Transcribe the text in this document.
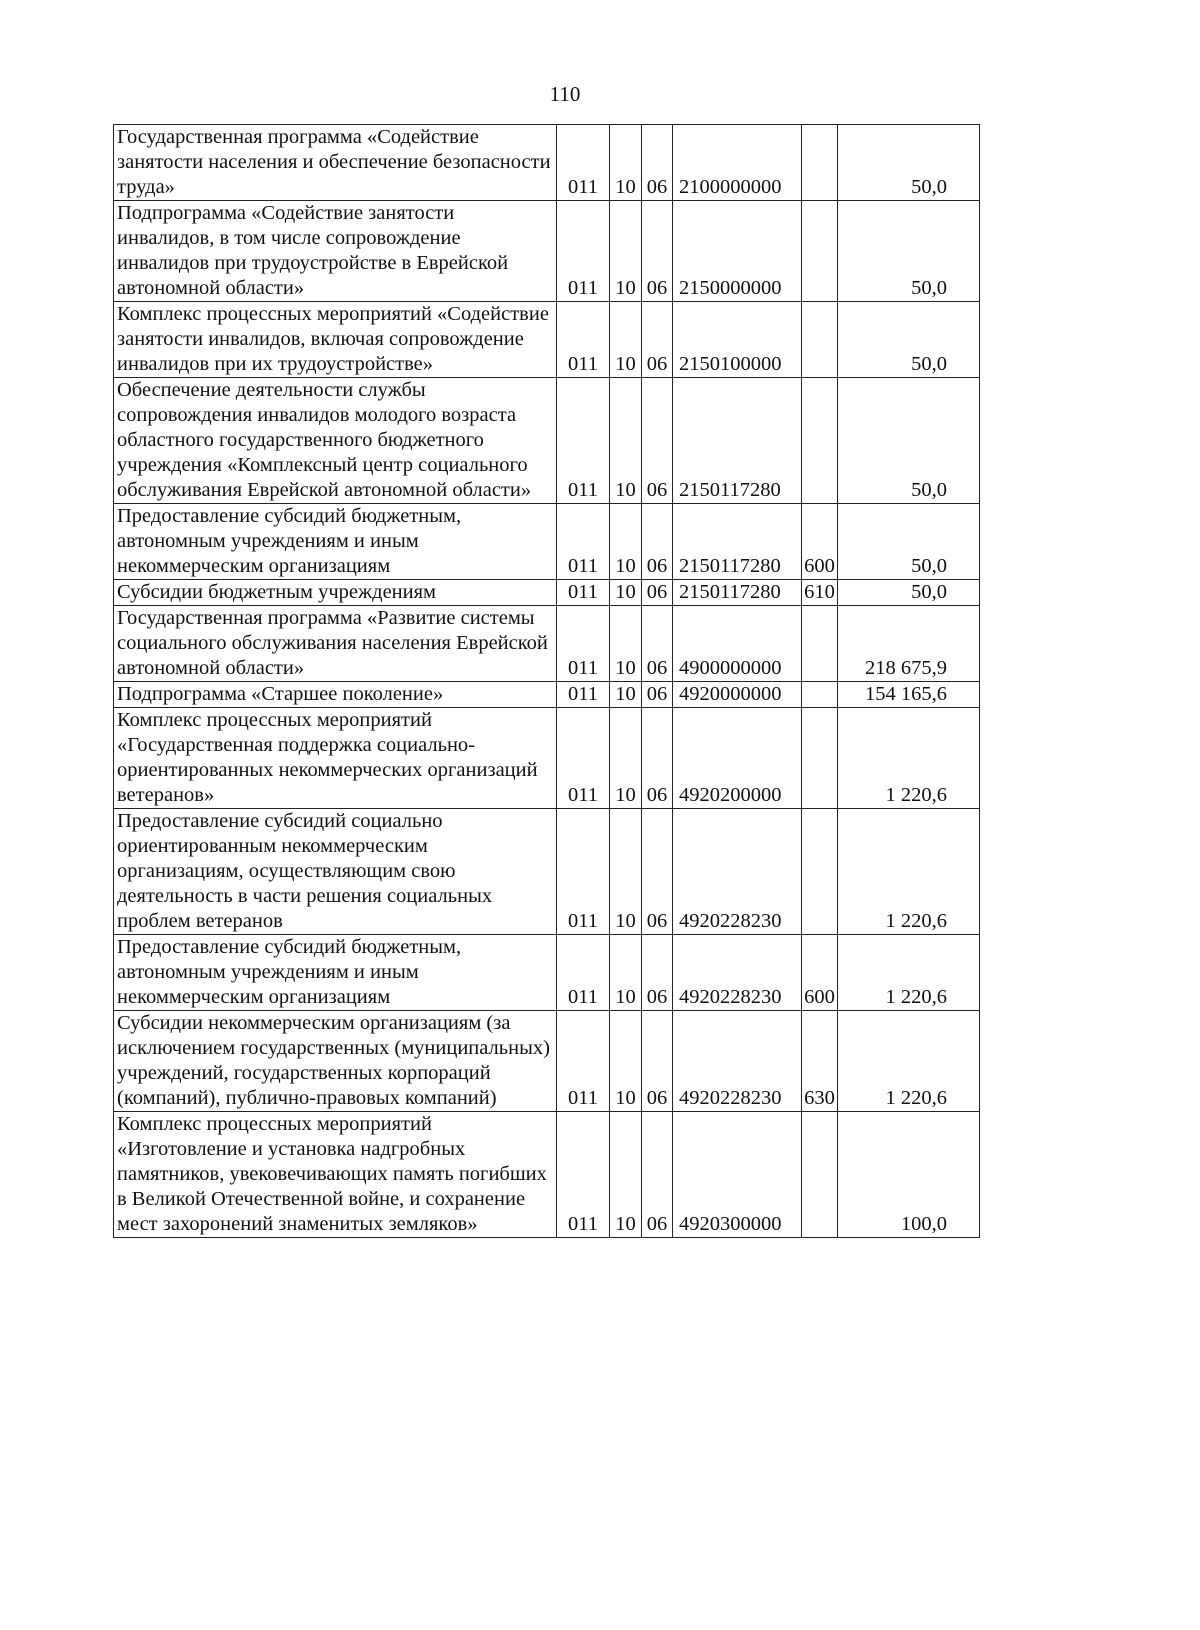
110
Государственная программа «Содействие занятости населения и обеспечение безопасности труда»	011	10	06	2100000000		50,0
Подпрограмма «Содействие занятости инвалидов, в том числе сопровождение инвалидов при трудоустройстве в Еврейской автономной области»	011	10	06	2150000000		50,0
Комплекс процессных мероприятий «Содействие занятости инвалидов, включая сопровождение инвалидов при их трудоустройстве»	011	10	06	2150100000		50,0
Обеспечение деятельности службы сопровождения инвалидов молодого возраста областного государственного бюджетного учреждения «Комплексный центр социального обслуживания Еврейской автономной области»	011	10	06	2150117280		50,0
Предоставление субсидий бюджетным, автономным учреждениям и иным некоммерческим организациям	011	10	06	2150117280	600	50,0
Субсидии бюджетным учреждениям	011	10	06	2150117280	610	50,0
Государственная программа «Развитие системы социального обслуживания населения Еврейской автономной области»	011	10	06	4900000000		218 675,9
Подпрограмма «Старшее поколение»	011	10	06	4920000000		154 165,6
Комплекс процессных мероприятий «Государственная поддержка социально-ориентированных некоммерческих организаций ветеранов»	011	10	06	4920200000		1 220,6
Предоставление субсидий социально ориентированным некоммерческим организациям, осуществляющим свою деятельность в части решения социальных проблем ветеранов	011	10	06	4920228230		1 220,6
Предоставление субсидий бюджетным, автономным учреждениям и иным некоммерческим организациям	011	10	06	4920228230	600	1 220,6
Субсидии некоммерческим организациям (за исключением государственных (муниципальных) учреждений, государственных корпораций (компаний), публично-правовых компаний)	011	10	06	4920228230	630	1 220,6
Комплекс процессных мероприятий «Изготовление и установка надгробных памятников, увековечивающих память погибших в Великой Отечественной войне, и сохранение мест захоронений знаменитых земляков»	011	10	06	4920300000		100,0
